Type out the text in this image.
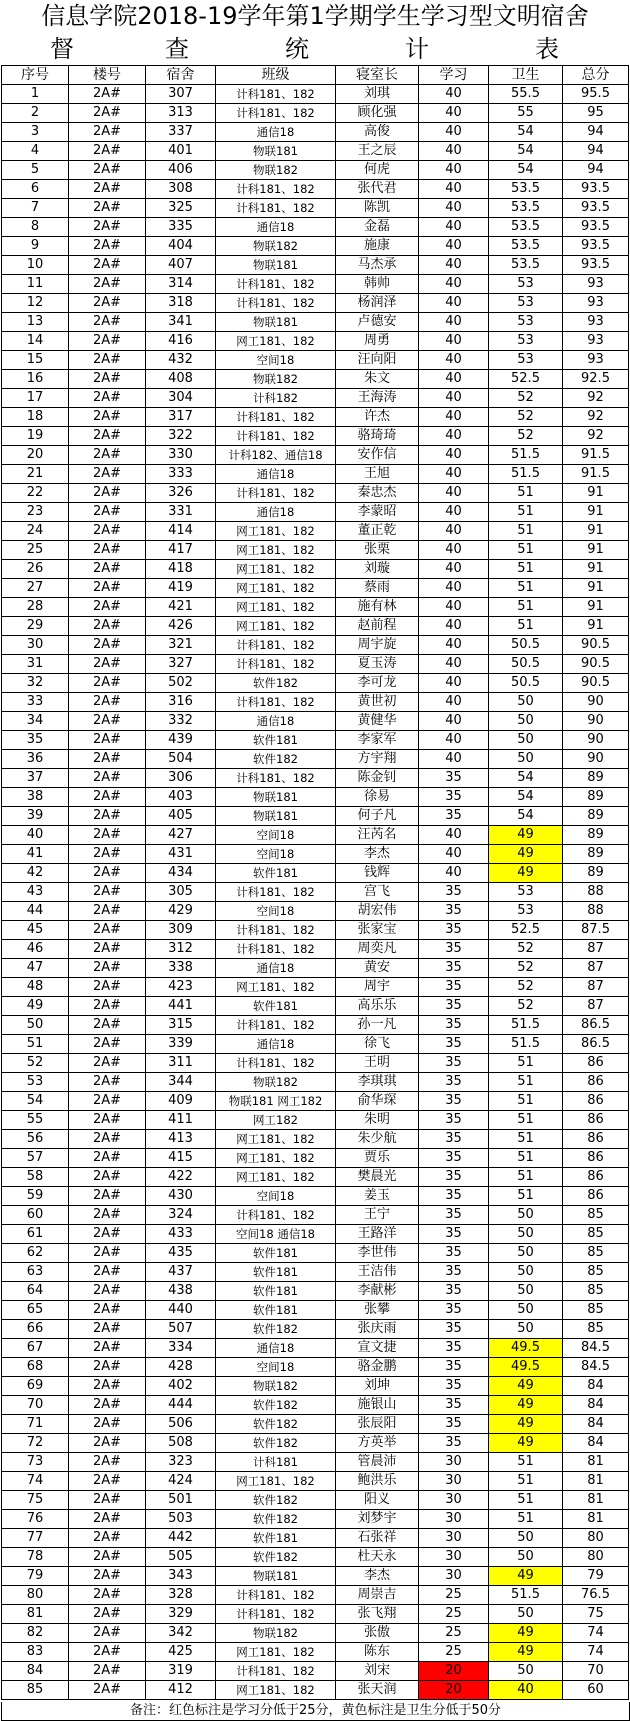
信息学院2018-19学年第1学期学生学习型文明宿舍
督	查	统	计	表
序号	楼号	宿舍	班级	寝室长	学习	卫生	总分
1	2A#	307	计科181、182	刘琪	40	55.5	95.5
2	2A#	313	计科181、182	顾化强	40	55	95
3	2A#	337	通信18	高俊	40	54	94
4	2A#	401	物联181	王之辰	40	54	94
5	2A#	406	物联182	何虎	40	54	94
6	2A#	308	计科181、182	张代君	40	53.5	93.5
7	2A#	325	计科181、182	陈凯	40	53.5	93.5
8	2A#	335	通信18	金磊	40	53.5	93.5
9	2A#	404	物联182	施康	40	53.5	93.5
10	2A#	407	物联181	马杰承	40	53.5	93.5
11	2A#	314	计科181、182	韩帅	40	53	93
12	2A#	318	计科181、182	杨润泽	40	53	93
13	2A#	341	物联181	卢德安	40	53	93
14	2A#	416	网工181、182	周勇	40	53	93
15	2A#	432	空间18	汪向阳	40	53	93
16	2A#	408	物联182	朱文	40	52.5	92.5
17	2A#	304	计科182	王海涛	40	52	92
18	2A#	317	计科181、182	许杰	40	52	92
19	2A#	322	计科181、182	骆琦琦	40	52	92
20	2A#	330	计科182、通信18	安作信	40	51.5	91.5
21	2A#	333	通信18	王旭	40	51.5	91.5
22	2A#	326	计科181、182	秦忠杰	40	51	91
23	2A#	331	通信18	李蒙昭	40	51	91
24	2A#	414	网工181、182	董正乾	40	51	91
25	2A#	417	网工181、182	张栗	40	51	91
26	2A#	418	网工181、182	刘璇	40	51	91
27	2A#	419	网工181、182	蔡雨	40	51	91
28	2A#	421	网工181、182	施有林	40	51	91
29	2A#	426	网工181、182	赵前程	40	51	91
30	2A#	321	计科181、182	周宇旋	40	50.5	90.5
31	2A#	327	计科181、182	夏玉涛	40	50.5	90.5
32	2A#	502	软件182	李可龙	40	50.5	90.5
33	2A#	316	计科181、182	黄世初	40	50	90
34	2A#	332	通信18	黄健华	40	50	90
35	2A#	439	软件181	李家军	40	50	90
36	2A#	504	软件182	方宇翔	40	50	90
37	2A#	306	计科181、182	陈金钊	35	54	89
38	2A#	403	物联181	徐易	35	54	89
39	2A#	405	物联181	何子凡	35	54	89
40	2A#	427	空间18	汪芮名	40	49	89
41	2A#	431	空间18	李杰	40	49	89
42	2A#	434	软件181	钱辉	40	49	89
43	2A#	305	计科181、182	宫飞	35	53	88
44	2A#	429	空间18	胡宏伟	35	53	88
45	2A#	309	计科181、182	张家宝	35	52.5	87.5
46	2A#	312	计科181、182	周奕凡	35	52	87
47	2A#	338	通信18	黄安	35	52	87
48	2A#	423	网工181、182	周宇	35	52	87
49	2A#	441	软件181	高乐乐	35	52	87
50	2A#	315	计科181、182	孙一凡	35	51.5	86.5
51	2A#	339	通信18	徐飞	35	51.5	86.5
52	2A#	311	计科181、182	王明	35	51	86
53	2A#	344	物联182	李琪琪	35	51	86
54	2A#	409	物联181 网工182	俞华琛	35	51	86
55	2A#	411	网工182	朱明	35	51	86
56	2A#	413	网工181、182	朱少航	35	51	86
57	2A#	415	网工181、182	贾乐	35	51	86
58	2A#	422	网工181、182	樊晨光	35	51	86
59	2A#	430	空间18	姜玉	35	51	86
60	2A#	324	计科181、182	王宁	35	50	85
61	2A#	433	空间18 通信18	王路洋	35	50	85
62	2A#	435	软件181	李世伟	35	50	85
63	2A#	437	软件181	王洁伟	35	50	85
64	2A#	438	软件181	李献彬	35	50	85
65	2A#	440	软件181	张攀	35	50	85
66	2A#	507	软件182	张庆雨	35	50	85
67	2A#	334	通信18	宣文捷	35	49.5	84.5
68	2A#	428	空间18	骆金鹏	35	49.5	84.5
69	2A#	402	物联182	刘坤	35	49	84
70	2A#	444	软件182	施银山	35	49	84
71	2A#	506	软件182	张辰阳	35	49	84
72	2A#	508	软件182	方英举	35	49	84
73	2A#	323	计科181	管晨沛	30	51	81
74	2A#	424	网工181、182	鲍洪乐	30	51	81
75	2A#	501	软件182	阳义	30	51	81
76	2A#	503	软件182	刘梦宇	30	51	81
77	2A#	442	软件181	石张祥	30	50	80
78	2A#	505	软件182	杜天永	30	50	80
79	2A#	343	物联181	李杰	30	49	79
80	2A#	328	计科181、182	周崇吉	25	51.5	76.5
81	2A#	329	计科181、182	张飞翔	25	50	75
82	2A#	342	物联182	张傲	25	49	74
83	2A#	425	网工181、182	陈东	25	49	74
84	2A#	319	计科181、182	刘宋	20	50	70
85	2A#	412	网工181、182	张天润	20	40	60
备注：红色标注是学习分低于25分，黄色标注是卫生分低于50分
